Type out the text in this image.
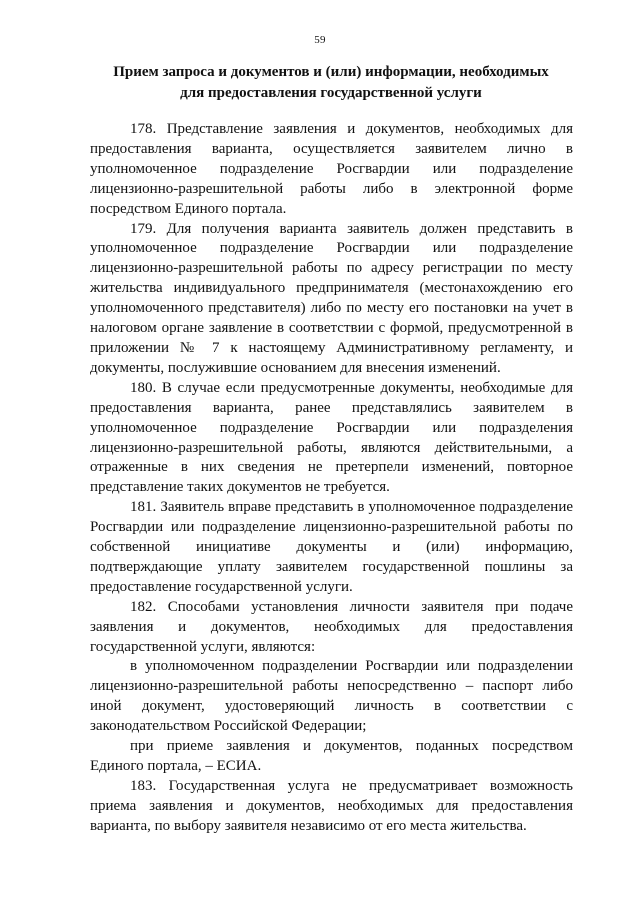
59
Прием запроса и документов и (или) информации, необходимых
для предоставления государственной услуги

178. Представление заявления и документов, необходимых для предоставления варианта, осуществляется заявителем лично в уполномоченное подразделение Росгвардии или подразделение лицензионно-разрешительной работы либо в электронной форме посредством Единого портала.

179. Для получения варианта заявитель должен представить в уполномоченное подразделение Росгвардии или подразделение лицензионно-разрешительной работы по адресу регистрации по месту жительства индивидуального предпринимателя (местонахождению его уполномоченного представителя) либо по месту его постановки на учет в налоговом органе заявление в соответствии с формой, предусмотренной в приложении № 7 к настоящему Административному регламенту, и документы, послужившие основанием для внесения изменений.

180. В случае если предусмотренные документы, необходимые для предоставления варианта, ранее представлялись заявителем в уполномоченное подразделение Росгвардии или подразделения лицензионно-разрешительной работы, являются действительными, а отраженные в них сведения не претерпели изменений, повторное представление таких документов не требуется.

181. Заявитель вправе представить в уполномоченное подразделение Росгвардии или подразделение лицензионно-разрешительной работы по собственной инициативе документы и (или) информацию, подтверждающие уплату заявителем государственной пошлины за предоставление государственной услуги.

182. Способами установления личности заявителя при подаче заявления и документов, необходимых для предоставления государственной услуги, являются:

в уполномоченном подразделении Росгвардии или подразделении лицензионно-разрешительной работы непосредственно – паспорт либо иной документ, удостоверяющий личность в соответствии с законодательством Российской Федерации;

при приеме заявления и документов, поданных посредством Единого портала, – ЕСИА.

183. Государственная услуга не предусматривает возможность приема заявления и документов, необходимых для предоставления варианта, по выбору заявителя независимо от его места жительства.
